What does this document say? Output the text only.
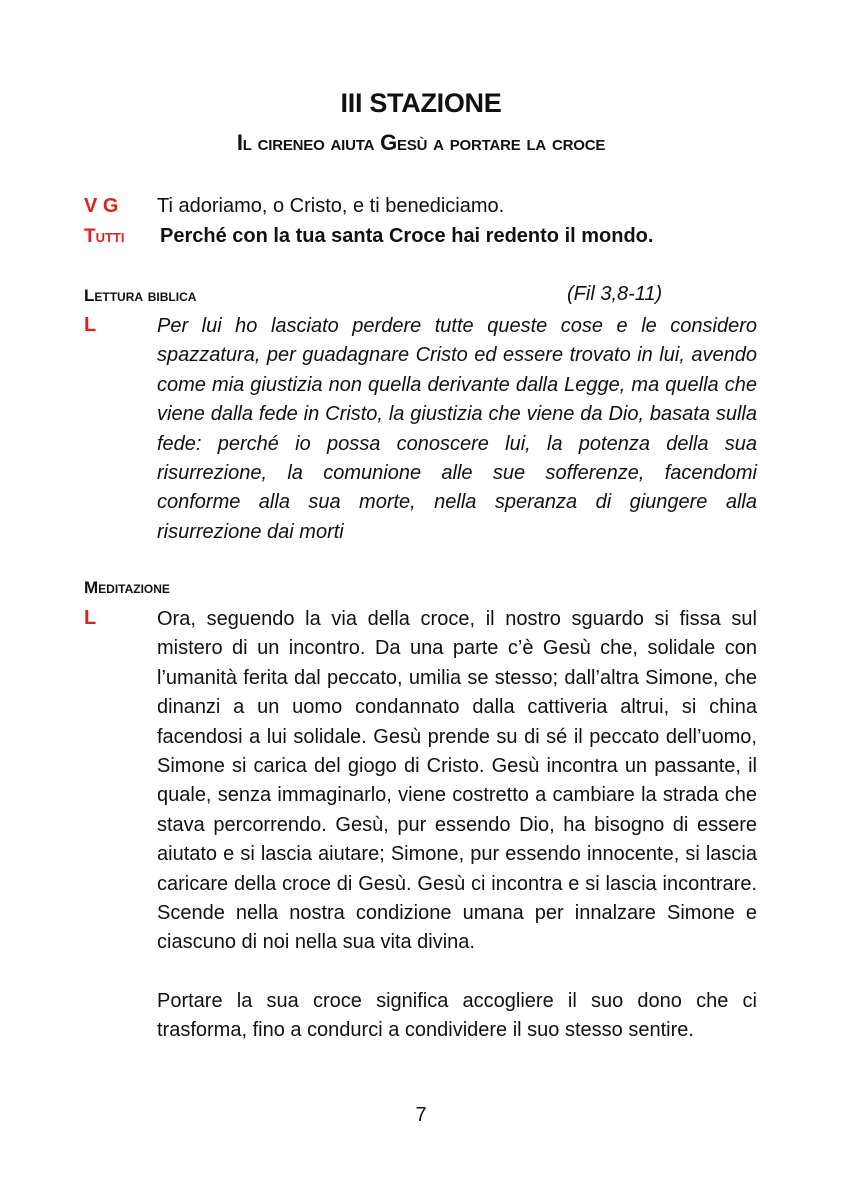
III STAZIONE
Il cireneo aiuta Gesù a portare la croce
V G Ti adoriamo, o Cristo, e ti benediciamo.
Tutti Perché con la tua santa Croce hai redento il mondo.
Lettura biblica	(Fil 3,8-11)
L	Per lui ho lasciato perdere tutte queste cose e le considero spazzatura, per guadagnare Cristo ed essere trovato in lui, avendo come mia giustizia non quella derivante dalla Legge, ma quella che viene dalla fede in Cristo, la giustizia che viene da Dio, basata sulla fede: perché io possa conoscere lui, la potenza della sua risurrezione, la comunione alle sue sofferenze, facendomi conforme alla sua morte, nella speranza di giungere alla risurrezione dai morti
Meditazione
L	Ora, seguendo la via della croce, il nostro sguardo si fissa sul mistero di un incontro. Da una parte c’è Gesù che, solidale con l’umanità ferita dal peccato, umilia se stesso; dall’altra Simone, che dinanzi a un uomo condannato dalla cattiveria altrui, si china facendosi a lui solidale. Gesù prende su di sé il peccato dell’uomo, Simone si carica del giogo di Cristo. Gesù incontra un passante, il quale, senza immaginarlo, viene costretto a cambiare la strada che stava percorrendo. Gesù, pur essendo Dio, ha bisogno di essere aiutato e si lascia aiutare; Simone, pur essendo innocente, si lascia caricare della croce di Gesù. Gesù ci incontra e si lascia incontrare. Scende nella nostra condizione umana per innalzare Simone e ciascuno di noi nella sua vita divina.
Portare la sua croce significa accogliere il suo dono che ci trasforma, fino a condurci a condividere il suo stesso sentire.
7
